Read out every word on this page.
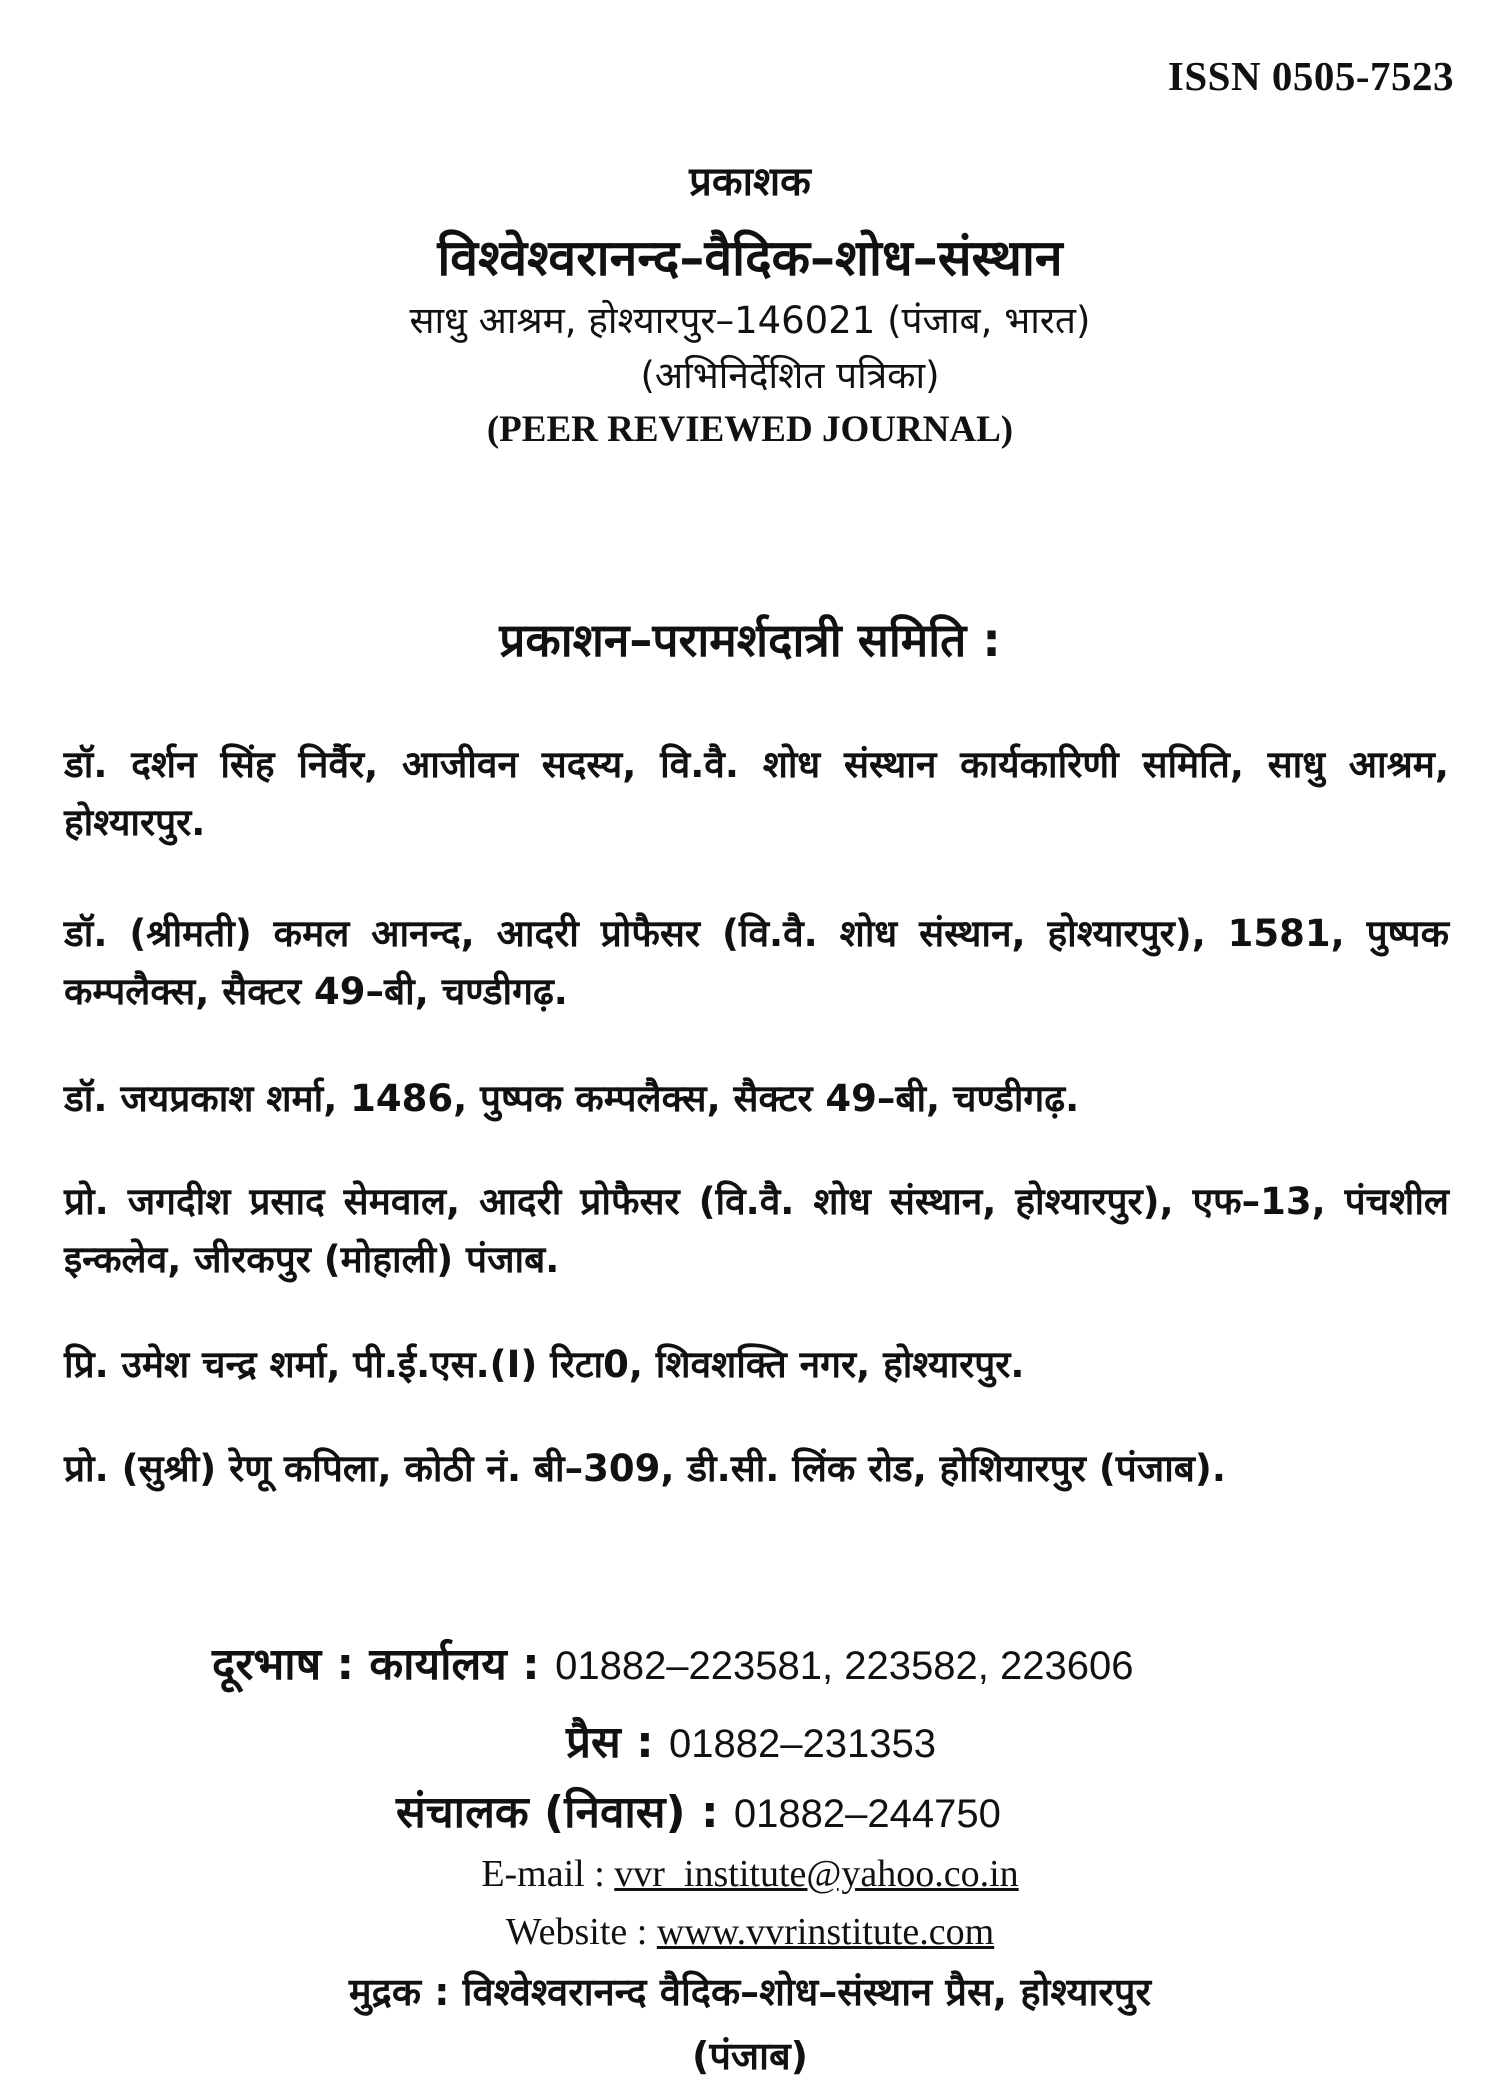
ISSN 0505-7523
प्रकाशक
विश्वेश्वरानन्द–वैदिक–शोध–संस्थान
साधु आश्रम, होश्यारपुर–146021 (पंजाब, भारत)
(अभिनिर्देशित पत्रिका)
(PEER REVIEWED JOURNAL)
प्रकाशन–परामर्शदात्री समिति :
डॉ. दर्शन सिंह निर्वैर, आजीवन सदस्य, वि.वै. शोध संस्थान कार्यकारिणी समिति, साधु आश्रम, होश्यारपुर.
डॉ. (श्रीमती) कमल आनन्द, आदरी प्रोफैसर (वि.वै. शोध संस्थान, होश्यारपुर), 1581, पुष्पक कम्पलैक्स, सैक्टर 49–बी, चण्डीगढ़.
डॉ. जयप्रकाश शर्मा, 1486, पुष्पक कम्पलैक्स, सैक्टर 49–बी, चण्डीगढ़.
प्रो. जगदीश प्रसाद सेमवाल, आदरी प्रोफैसर (वि.वै. शोध संस्थान, होश्यारपुर), एफ–13, पंचशील इन्कलेव, जीरकपुर (मोहाली) पंजाब.
प्रि. उमेश चन्द्र शर्मा, पी.ई.एस.(I) रिटा0, शिवशक्ति नगर, होश्यारपुर.
प्रो. (सुश्री) रेणू कपिला, कोठी नं. बी–309, डी.सी. लिंक रोड, होशियारपुर (पंजाब).
दूरभाष : कार्यालय : 01882–223581, 223582, 223606
प्रैस : 01882–231353
संचालक (निवास) : 01882–244750
E-mail : vvr_institute@yahoo.co.in
Website : www.vvrinstitute.com
मुद्रक : विश्वेश्वरानन्द वैदिक–शोध–संस्थान प्रैस, होश्यारपुर
(पंजाब)
